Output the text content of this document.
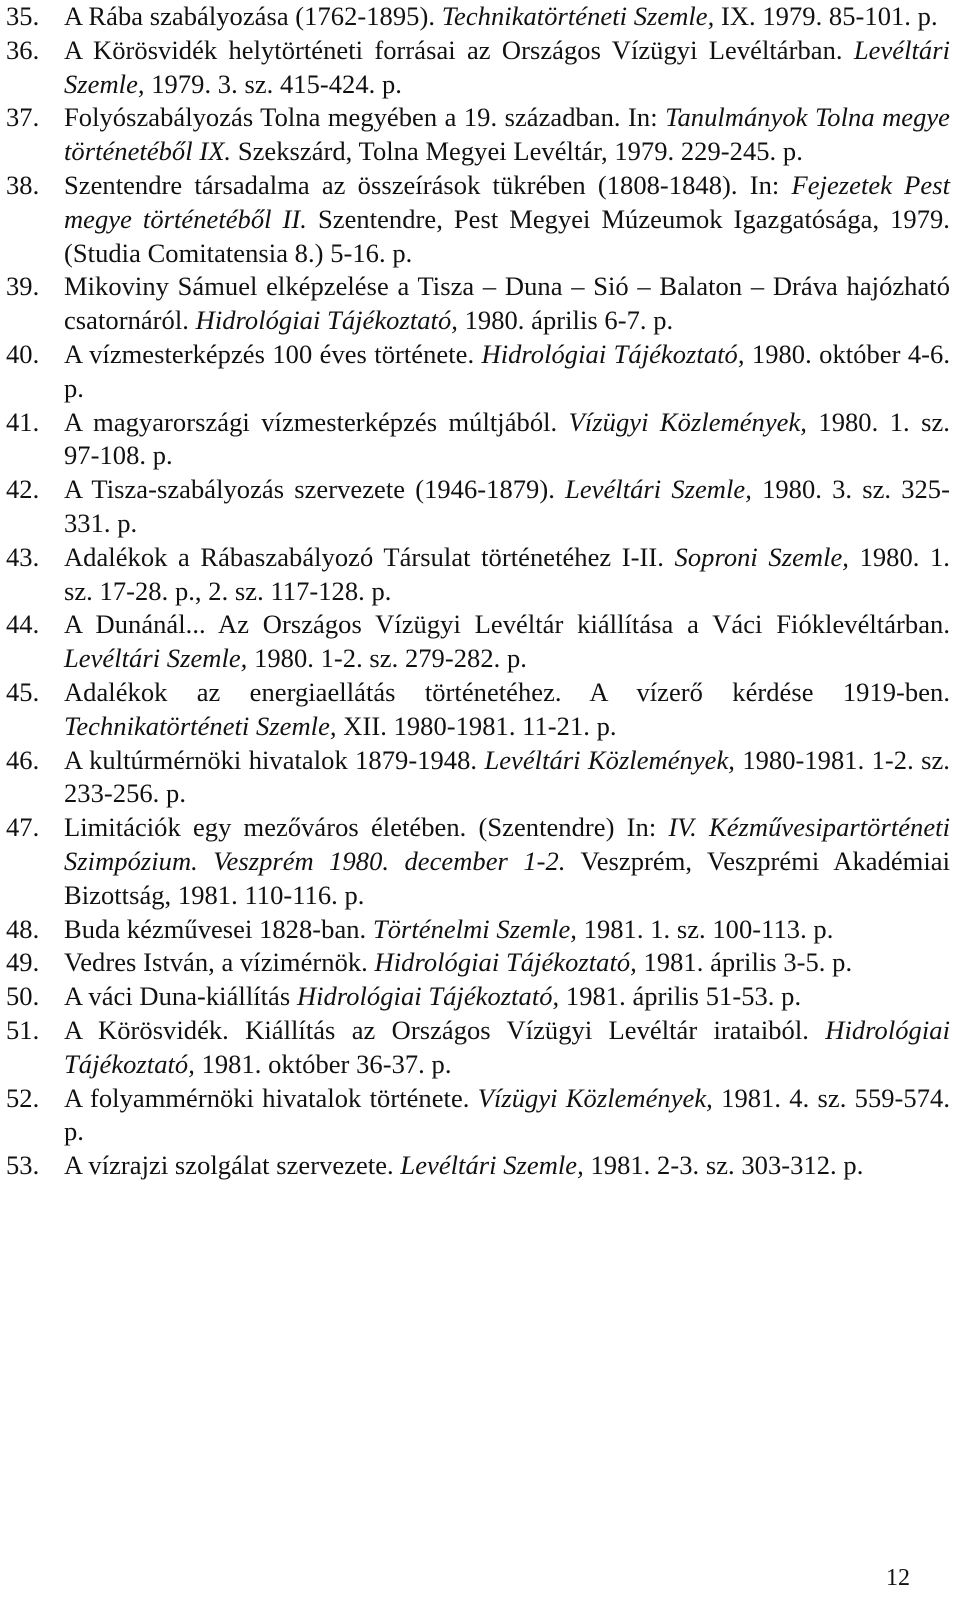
35. A Rába szabályozása (1762-1895). Technikatörténeti Szemle, IX. 1979. 85-101. p.
36. A Körösvidék helytörténeti forrásai az Országos Vízügyi Levéltárban. Levéltári Szemle, 1979. 3. sz. 415-424. p.
37. Folyószabályozás Tolna megyében a 19. században. In: Tanulmányok Tolna megye történetéből IX. Szekszárd, Tolna Megyei Levéltár, 1979. 229-245. p.
38. Szentendre társadalma az összeírások tükrében (1808-1848). In: Fejezetek Pest megye történetéből II. Szentendre, Pest Megyei Múzeumok Igazgatósága, 1979. (Studia Comitatensia 8.) 5-16. p.
39. Mikoviny Sámuel elképzelése a Tisza – Duna – Sió – Balaton – Dráva hajózható csatornáról. Hidrológiai Tájékoztató, 1980. április 6-7. p.
40. A vízmesterképzés 100 éves története. Hidrológiai Tájékoztató, 1980. október 4-6. p.
41. A magyarországi vízmesterképzés múltjából. Vízügyi Közlemények, 1980. 1. sz. 97-108. p.
42. A Tisza-szabályozás szervezete (1946-1879). Levéltári Szemle, 1980. 3. sz. 325-331. p.
43. Adalékok a Rábaszabályozó Társulat történetéhez I-II. Soproni Szemle, 1980. 1. sz. 17-28. p., 2. sz. 117-128. p.
44. A Dunánál... Az Országos Vízügyi Levéltár kiállítása a Váci Fióklevéltárban. Levéltári Szemle, 1980. 1-2. sz. 279-282. p.
45. Adalékok az energiaellátás történetéhez. A vízerő kérdése 1919-ben. Technikatörténeti Szemle, XII. 1980-1981. 11-21. p.
46. A kultúrmérnöki hivatalok 1879-1948. Levéltári Közlemények, 1980-1981. 1-2. sz. 233-256. p.
47. Limitációk egy mezőváros életében. (Szentendre) In: IV. Kézművesipartörténeti Szimpózium. Veszprém 1980. december 1-2. Veszprém, Veszprémi Akadémiai Bizottság, 1981. 110-116. p.
48. Buda kézművesei 1828-ban. Történelmi Szemle, 1981. 1. sz. 100-113. p.
49. Vedres István, a vízimérnök. Hidrológiai Tájékoztató, 1981. április 3-5. p.
50. A váci Duna-kiállítás Hidrológiai Tájékoztató, 1981. április 51-53. p.
51. A Körösvidék. Kiállítás az Országos Vízügyi Levéltár irataiból. Hidrológiai Tájékoztató, 1981. október 36-37. p.
52. A folyammérnöki hivatalok története. Vízügyi Közlemények, 1981. 4. sz. 559-574. p.
53. A vízrajzi szolgálat szervezete. Levéltári Szemle, 1981. 2-3. sz. 303-312. p.
12
